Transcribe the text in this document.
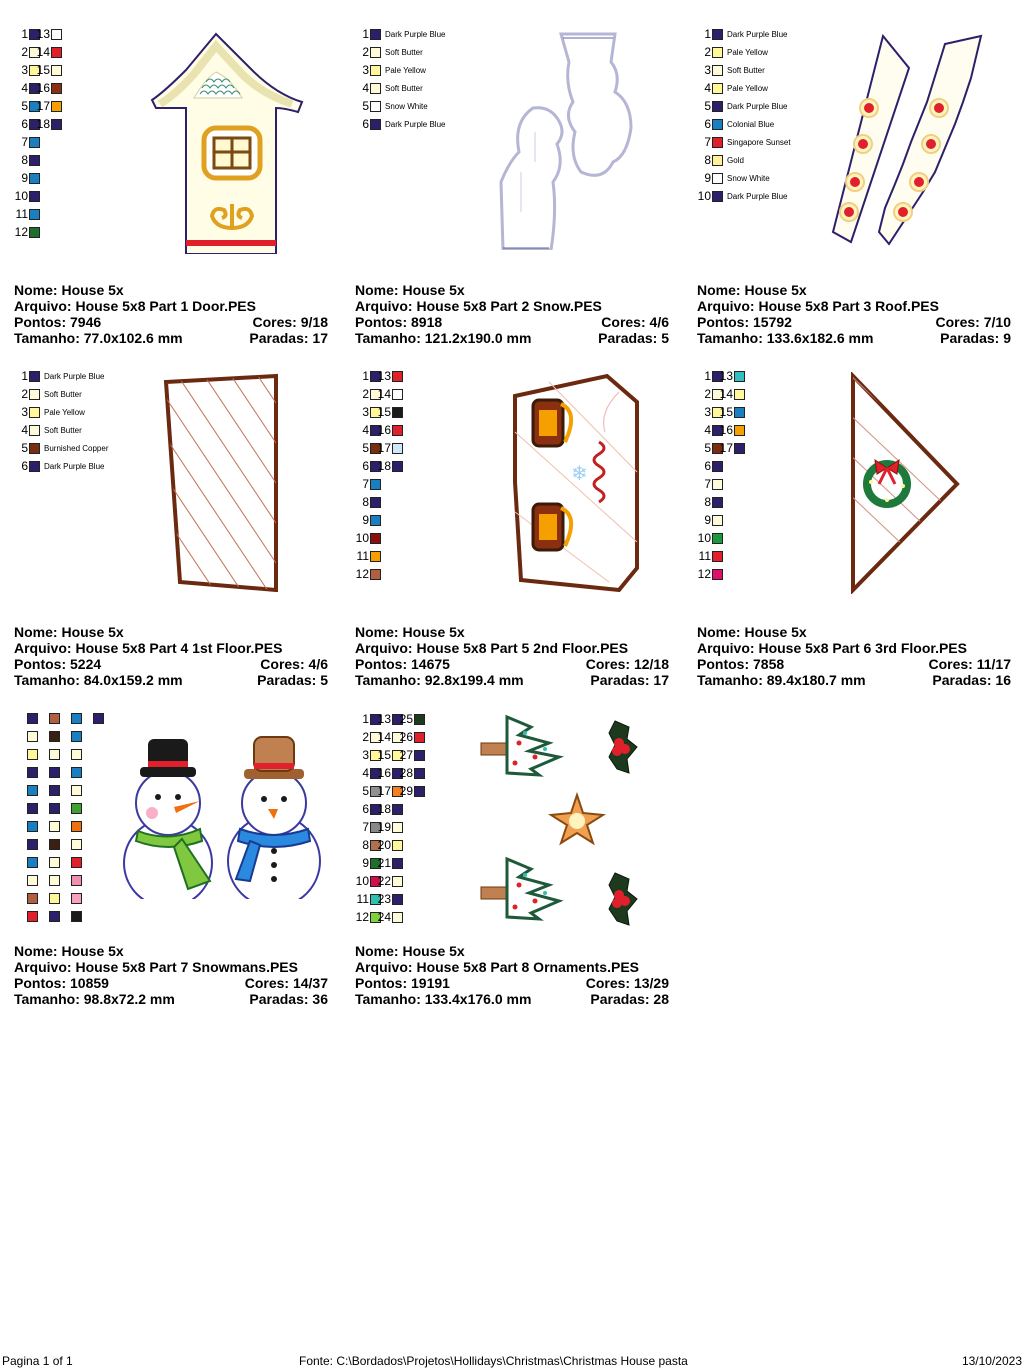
1
2
3
4
5
6
7
8
9
10
11
12
13
14
15
16
17
18
Nome: House 5x
Arquivo: House 5x8 Part 1 Door.PES
Pontos: 7946	Cores: 9/18
Tamanho: 77.0x102.6 mm	Paradas: 17
1 Dark Purple Blue
2 Soft Butter
3 Pale Yellow
4 Soft Butter
5 Snow White
6 Dark Purple Blue
Nome: House 5x
Arquivo: House 5x8 Part 2 Snow.PES
Pontos: 8918	Cores: 4/6
Tamanho: 121.2x190.0 mm	Paradas: 5
1 Dark Purple Blue
2 Pale Yellow
3 Soft Butter
4 Pale Yellow
5 Dark Purple Blue
6 Colonial Blue
7 Singapore Sunset
8 Gold
9 Snow White
10 Dark Purple Blue
Nome: House 5x
Arquivo: House 5x8 Part 3 Roof.PES
Pontos: 15792	Cores: 7/10
Tamanho: 133.6x182.6 mm	Paradas: 9
1 Dark Purple Blue
2 Soft Butter
3 Pale Yellow
4 Soft Butter
5 Burnished Copper
6 Dark Purple Blue
Nome: House 5x
Arquivo: House 5x8 Part 4 1st Floor.PES
Pontos: 5224	Cores: 4/6
Tamanho: 84.0x159.2 mm	Paradas: 5
1
2
3
4
5
6
7
8
9
10
11
12
13
14
15
16
17
18	❄
Nome: House 5x
Arquivo: House 5x8 Part 5 2nd Floor.PES
Pontos: 14675	Cores: 12/18
Tamanho: 92.8x199.4 mm	Paradas: 17
1
2
3
4
5
6
7
8
9
10
11
12
13
14
15
16
17
Nome: House 5x
Arquivo: House 5x8 Part 6 3rd Floor.PES
Pontos: 7858	Cores: 11/17
Tamanho: 89.4x180.7 mm	Paradas: 16
Nome: House 5x
Arquivo: House 5x8 Part 7 Snowmans.PES
Pontos: 10859	Cores: 14/37
Tamanho: 98.8x72.2 mm	Paradas: 36
1
2
3
4
5
6
7
8
9
10
11
12
13
14
15
16
17
18
19
20
21
22
23
24
25
26
27
28
29
Nome: House 5x
Arquivo: House 5x8 Part 8 Ornaments.PES
Pontos: 19191	Cores: 13/29
Tamanho: 133.4x176.0 mm	Paradas: 28
Pagina 1 of 1	Fonte: C:\Bordados\Projetos\Hollidays\Christmas\Christmas House pasta	13/10/2023
